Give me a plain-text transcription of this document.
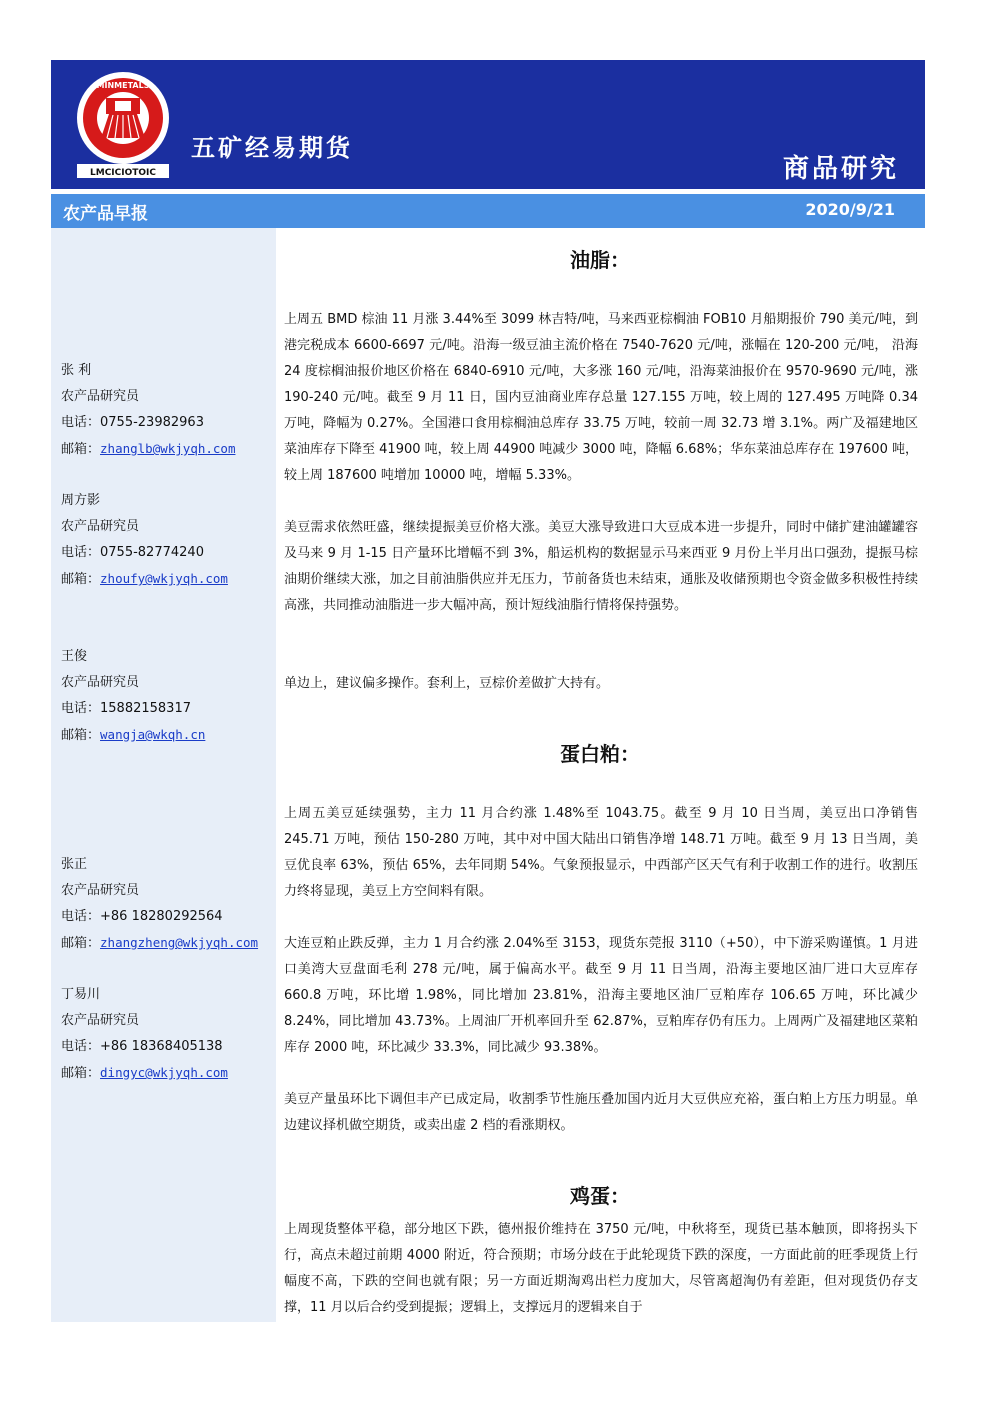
MINMETALS
LMCICIOTOIC
五矿经易期货
商品研究
农产品早报	2020/9/21
张 利
农产品研究员
电话：0755-23982963
邮箱：zhanglb@wkjyqh.com
周方影
农产品研究员
电话：0755-82774240
邮箱：zhoufy@wkjyqh.com
王俊
农产品研究员
电话：15882158317
邮箱：wangja@wkqh.cn
张正
农产品研究员
电话：+86 18280292564
邮箱：zhangzheng@wkjyqh.com
丁易川
农产品研究员
电话：+86 18368405138
邮箱：dingyc@wkjyqh.com
油脂：
上周五 BMD 棕油 11 月涨 3.44%至 3099 林吉特/吨，马来西亚棕榈油 FOB10 月船期报价 790 美元/吨，到港完税成本 6600-6697 元/吨。沿海一级豆油主流价格在 7540-7620 元/吨，涨幅在 120-200 元/吨， 沿海 24 度棕榈油报价地区价格在 6840-6910 元/吨，大多涨 160 元/吨，沿海菜油报价在 9570-9690 元/吨，涨 190-240 元/吨。截至 9 月 11 日，国内豆油商业库存总量 127.155 万吨，较上周的 127.495 万吨降 0.34 万吨，降幅为 0.27%。全国港口食用棕榈油总库存 33.75 万吨，较前一周 32.73 增 3.1%。两广及福建地区菜油库存下降至 41900 吨，较上周 44900 吨减少 3000 吨，降幅 6.68%；华东菜油总库存在 197600 吨，较上周 187600 吨增加 10000 吨，增幅 5.33%。
美豆需求依然旺盛，继续提振美豆价格大涨。美豆大涨导致进口大豆成本进一步提升，同时中储扩建油罐罐容及马来 9 月 1-15 日产量环比增幅不到 3%，船运机构的数据显示马来西亚 9 月份上半月出口强劲，提振马棕油期价继续大涨，加之目前油脂供应并无压力，节前备货也未结束，通胀及收储预期也令资金做多积极性持续高涨，共同推动油脂进一步大幅冲高，预计短线油脂行情将保持强势。
单边上，建议偏多操作。套利上，豆棕价差做扩大持有。
蛋白粕：
上周五美豆延续强势，主力 11 月合约涨 1.48%至 1043.75。截至 9 月 10 日当周，美豆出口净销售 245.71 万吨，预估 150-280 万吨，其中对中国大陆出口销售净增 148.71 万吨。截至 9 月 13 日当周，美豆优良率 63%，预估 65%，去年同期 54%。气象预报显示，中西部产区天气有利于收割工作的进行。收割压力终将显现，美豆上方空间料有限。
大连豆粕止跌反弹，主力 1 月合约涨 2.04%至 3153，现货东莞报 3110（+50），中下游采购谨慎。1 月进口美湾大豆盘面毛利 278 元/吨，属于偏高水平。截至 9 月 11 日当周，沿海主要地区油厂进口大豆库存 660.8 万吨，环比增 1.98%，同比增加 23.81%，沿海主要地区油厂豆粕库存 106.65 万吨，环比减少 8.24%，同比增加 43.73%。上周油厂开机率回升至 62.87%，豆粕库存仍有压力。上周两广及福建地区菜粕库存 2000 吨，环比减少 33.3%，同比减少 93.38%。
美豆产量虽环比下调但丰产已成定局，收割季节性施压叠加国内近月大豆供应充裕，蛋白粕上方压力明显。单边建议择机做空期货，或卖出虚 2 档的看涨期权。
鸡蛋：
上周现货整体平稳，部分地区下跌，德州报价维持在 3750 元/吨，中秋将至，现货已基本触顶，即将拐头下行，高点未超过前期 4000 附近，符合预期；市场分歧在于此轮现货下跌的深度，一方面此前的旺季现货上行幅度不高，下跌的空间也就有限；另一方面近期淘鸡出栏力度加大，尽管离超淘仍有差距，但对现货仍存支撑，11 月以后合约受到提振；逻辑上，支撑远月的逻辑来自于
